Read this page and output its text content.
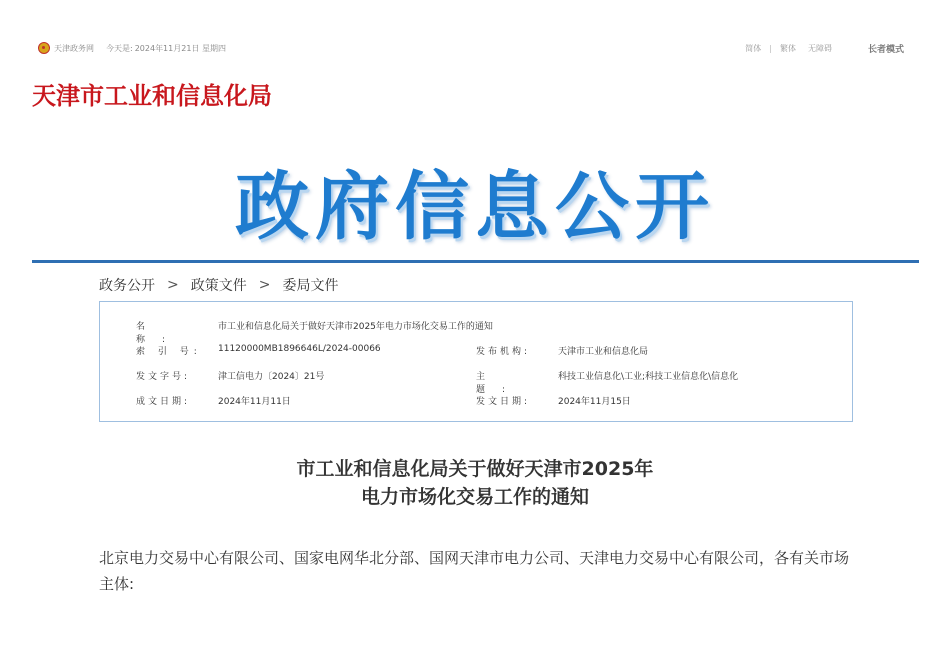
天津政务网 今天是: 2024年11月21日 星期四	简体 | 繁体 无障碍	长者模式
天津市工业和信息化局
政府信息公开
政务公开 > 政策文件 > 委局文件
名 称:
市工业和信息化局关于做好天津市2025年电力市场化交易工作的通知
索 引 号:	11120000MB1896646L/2024-00066	发布机构:	天津市工业和信息化局
发文字号:	津工信电力〔2024〕21号	主 题:
科技工业信息化\工业;科技工业信息化\信息化
成文日期:	2024年11月11日	发文日期:	2024年11月15日
市工业和信息化局关于做好天津市2025年
电力市场化交易工作的通知

北京电力交易中心有限公司、国家电网华北分部、国网天津市电力公司、天津电力交易中心有限公司，各有关市场主体:
